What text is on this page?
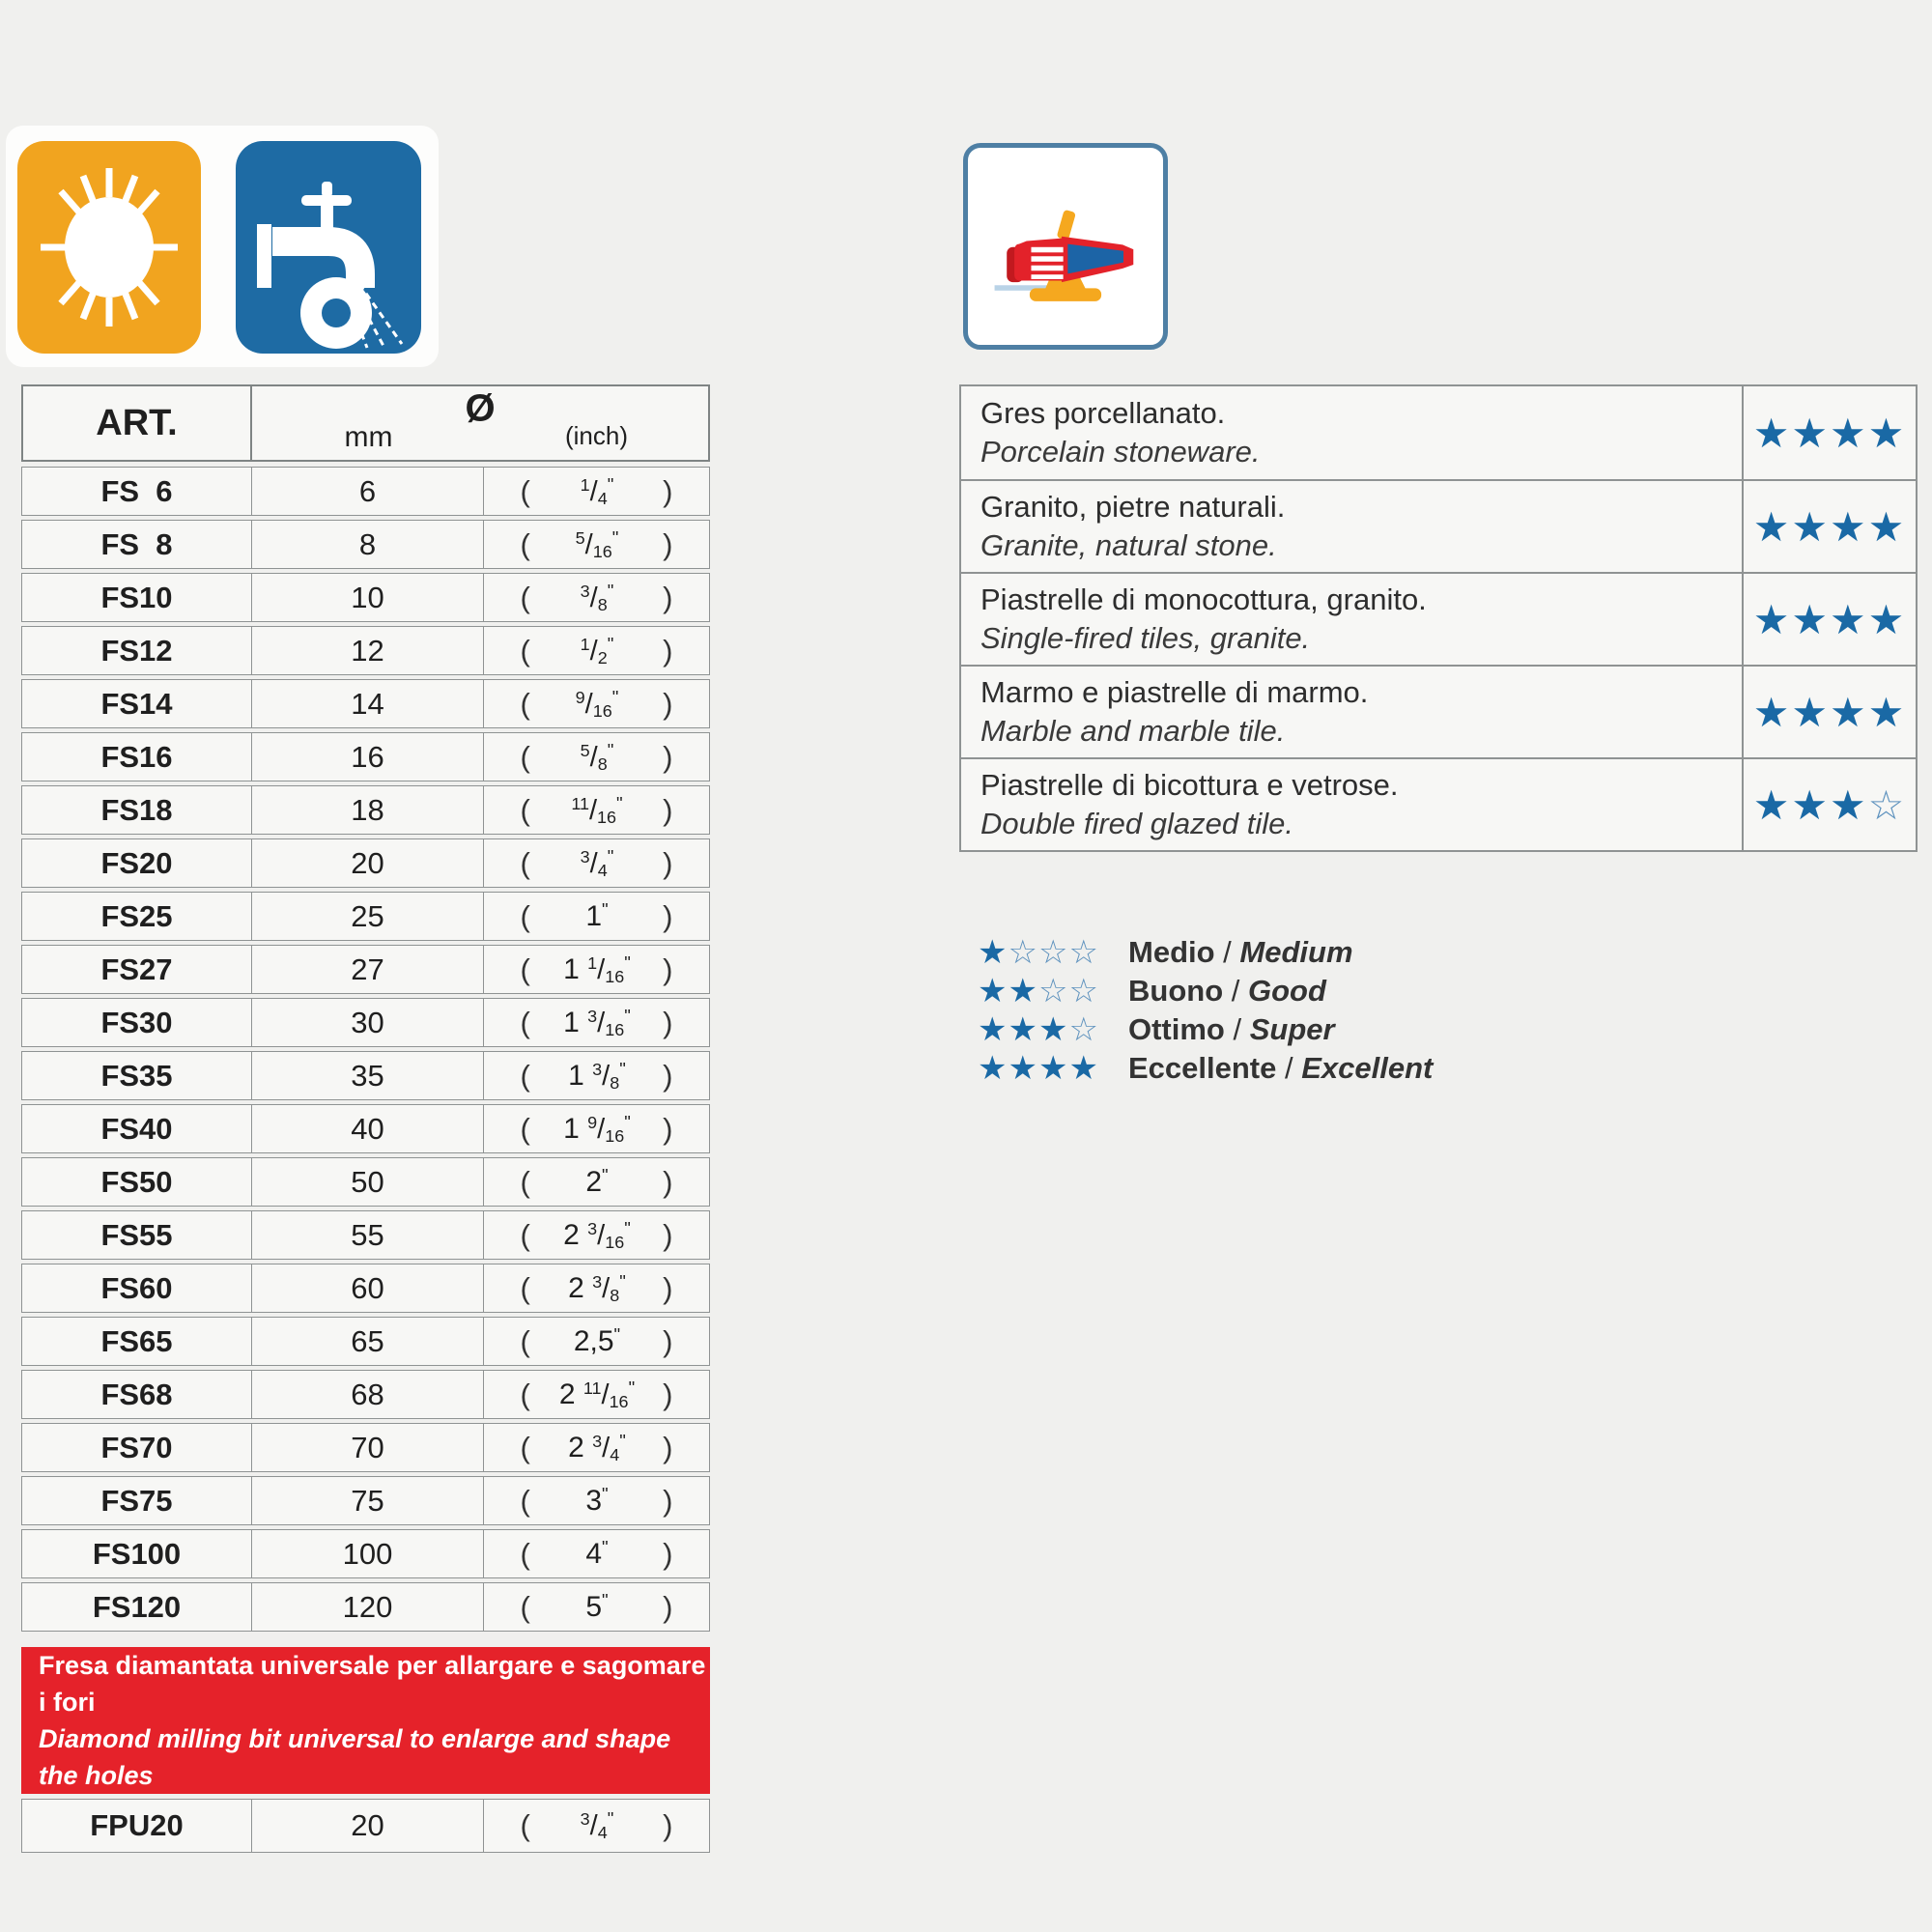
ART.	Ø
mm	(inch)
FS  6	6	(	$^1/_4^"$	)
FS  8	8	(	$^5/_{16}^"$	)
FS10	10	(	$^3/_8^"$	)
FS12	12	(	$^1/_2^"$	)
FS14	14	(	$^9/_{16}^"$	)
FS16	16	(	$^5/_8^"$	)
FS18	18	(	$^{11}/_{16}^"$	)
FS20	20	(	$^3/_4^"$	)
FS25	25	(	1"	)
FS27	27	(	1 $^1/_{16}^"$	)
FS30	30	(	1 $^3/_{16}^"$	)
FS35	35	(	1 $^3/_8^"$	)
FS40	40	(	1 $^9/_{16}^"$	)
FS50	50	(	2"	)
FS55	55	(	2 $^3/_{16}^"$	)
FS60	60	(	2 $^3/_8^"$	)
FS65	65	(	2,5"	)
FS68	68	( 2 $^{11}/_{16}^"$ )
FS70	70	(	2 $^3/_4^"$	)
FS75	75	(	3"	)
FS100	100	(	4"	)
FS120	120	(	5"	)
Fresa diamantata universale per allargare e sagomare i fori
Diamond milling bit universal to enlarge and shape the holes
FPU20	20	(	$^3/_4^"$	)
Gres porcellanato.
Porcelain stoneware.	★ ★ ★ ★
Granito, pietre naturali.
Granite, natural stone.	★ ★ ★ ★
Piastrelle di monocottura, granito.
Single-fired tiles, granite.	★ ★ ★ ★
Marmo e piastrelle di marmo.
Marble and marble tile.	★ ★ ★ ★
Piastrelle di bicottura e vetrose.
Double fired glazed tile.	★ ★ ★ ☆
★☆☆☆ Medio / Medium
★★☆☆ Buono / Good
★★★☆ Ottimo / Super
★★★★ Eccellente / Excellent
